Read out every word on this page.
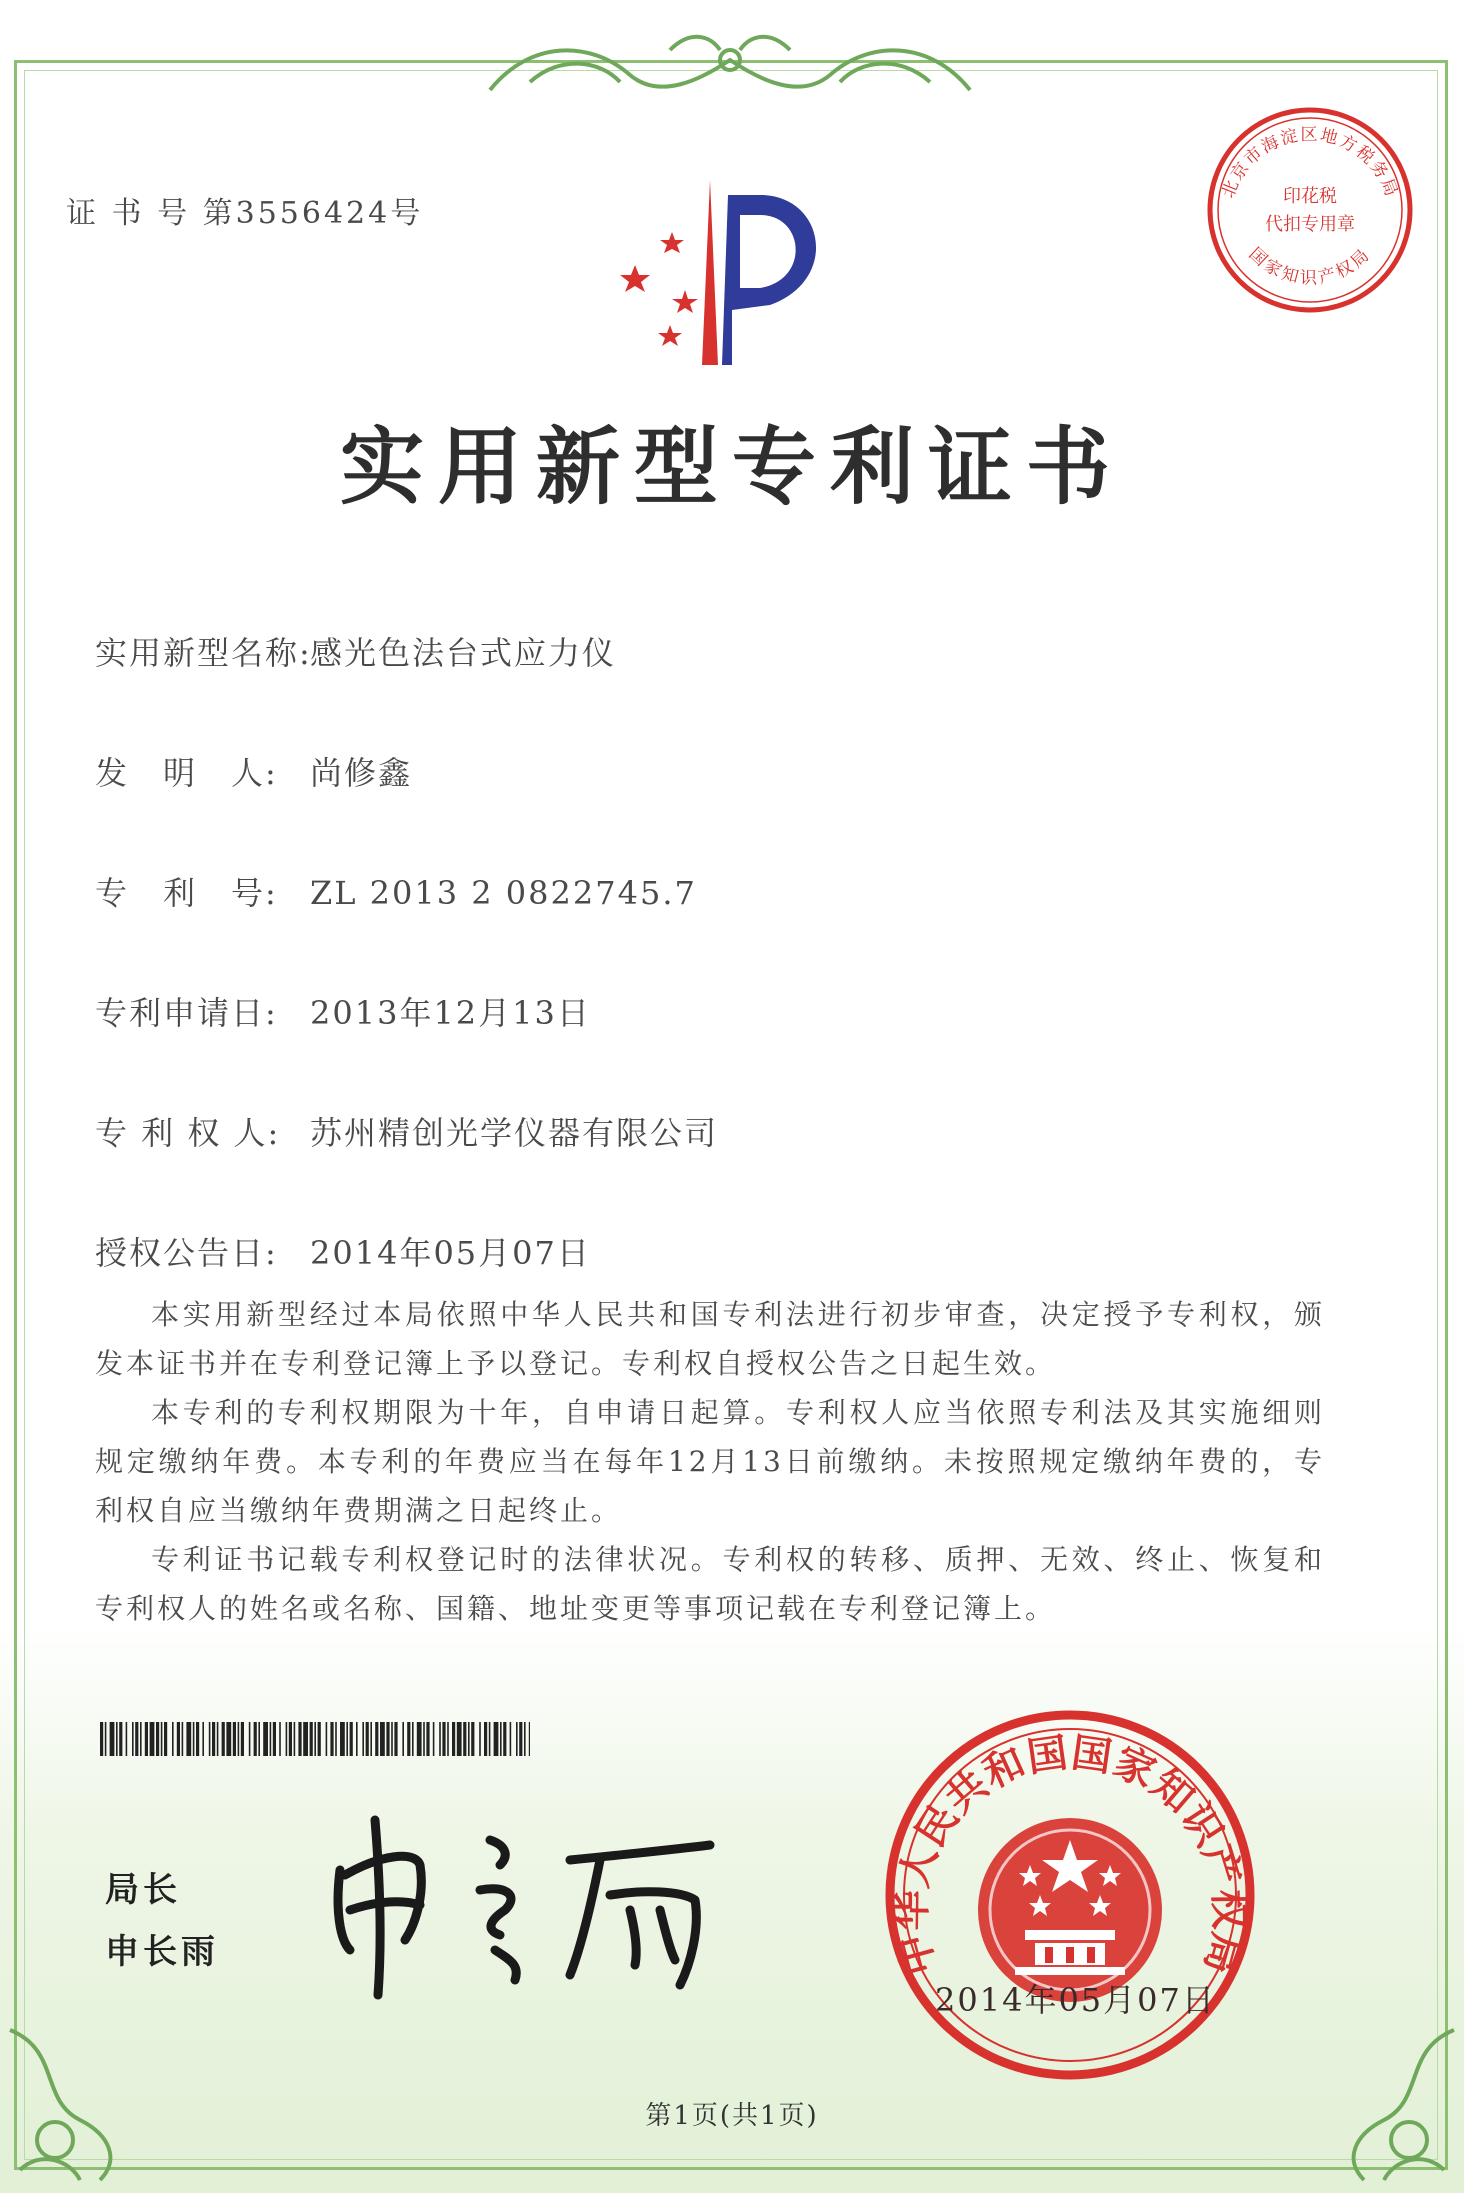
证 书 号 第3556424号
北京市海淀区地方税务局
印花税
代扣专用章
国家知识产权局
实用新型专利证书
实用新型名称:感光色法台式应力仪
发　明　人: 尚修鑫
专　利　号: ZL 2013 2 0822745.7
专利申请日: 2013年12月13日
专 利 权 人: 苏州精创光学仪器有限公司
授权公告日: 2014年05月07日

本实用新型经过本局依照中华人民共和国专利法进行初步审查，决定授予专利权，颁发本证书并在专利登记簿上予以登记。专利权自授权公告之日起生效。

本专利的专利权期限为十年，自申请日起算。专利权人应当依照专利法及其实施细则规定缴纳年费。本专利的年费应当在每年12月13日前缴纳。未按照规定缴纳年费的，专利权自应当缴纳年费期满之日起终止。

专利证书记载专利权登记时的法律状况。专利权的转移、质押、无效、终止、恢复和专利权人的姓名或名称、国籍、地址变更等事项记载在专利登记簿上。

局长
申长雨	中华人民共和国国家知识产权局
2014年05月07日
第1页(共1页)
